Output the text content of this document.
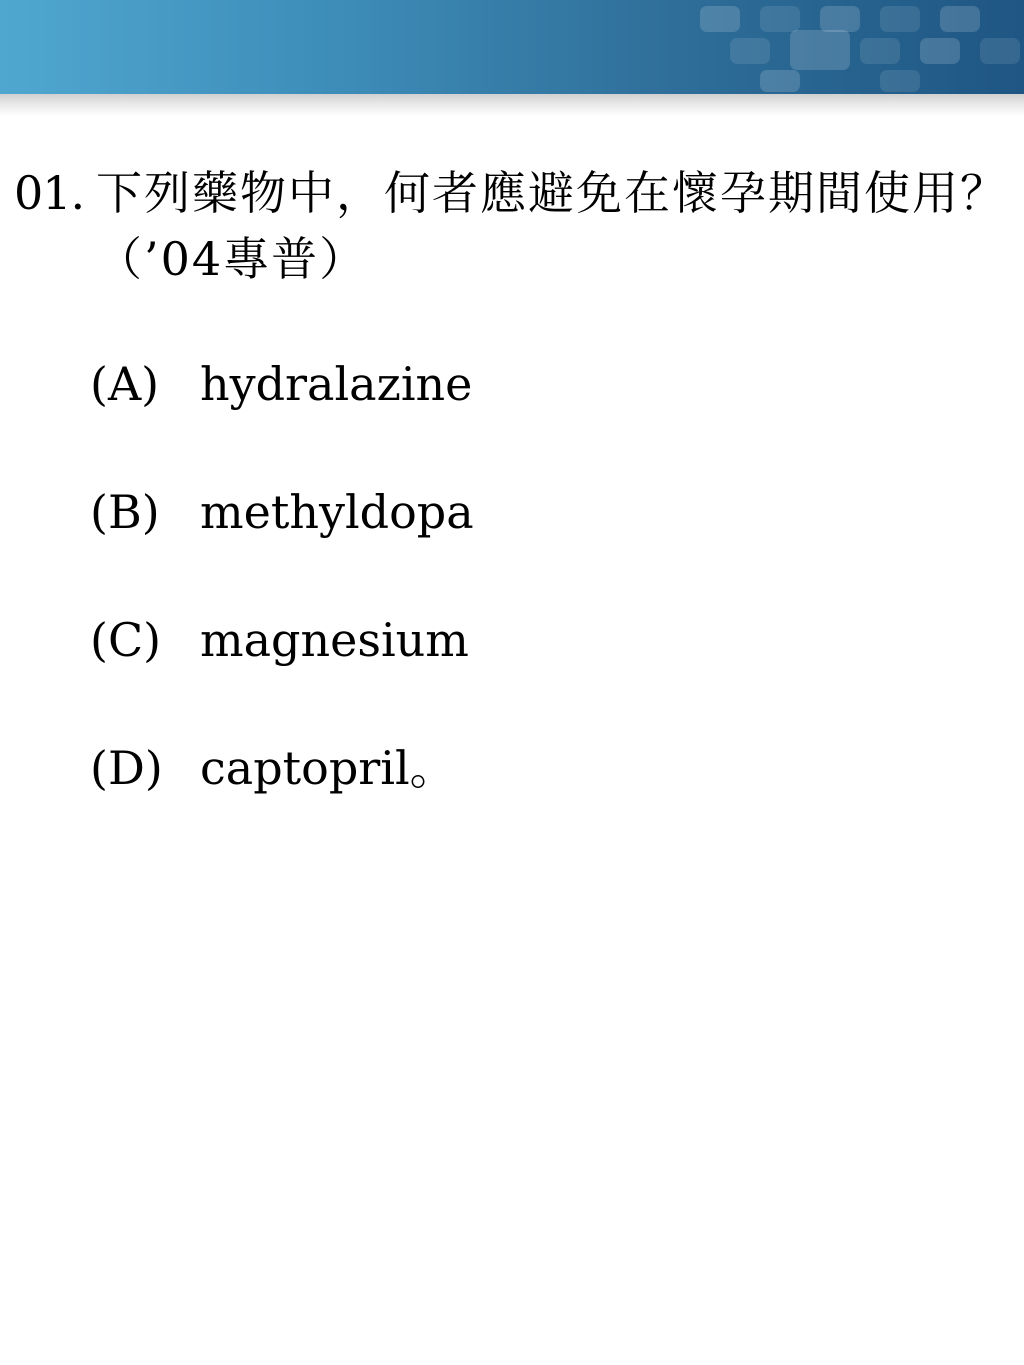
01. 下列藥物中，何者應避免在懷孕期間使用？（’04專普）
(A) hydralazine
(B) methyldopa
(C) magnesium
(D) captopril。
